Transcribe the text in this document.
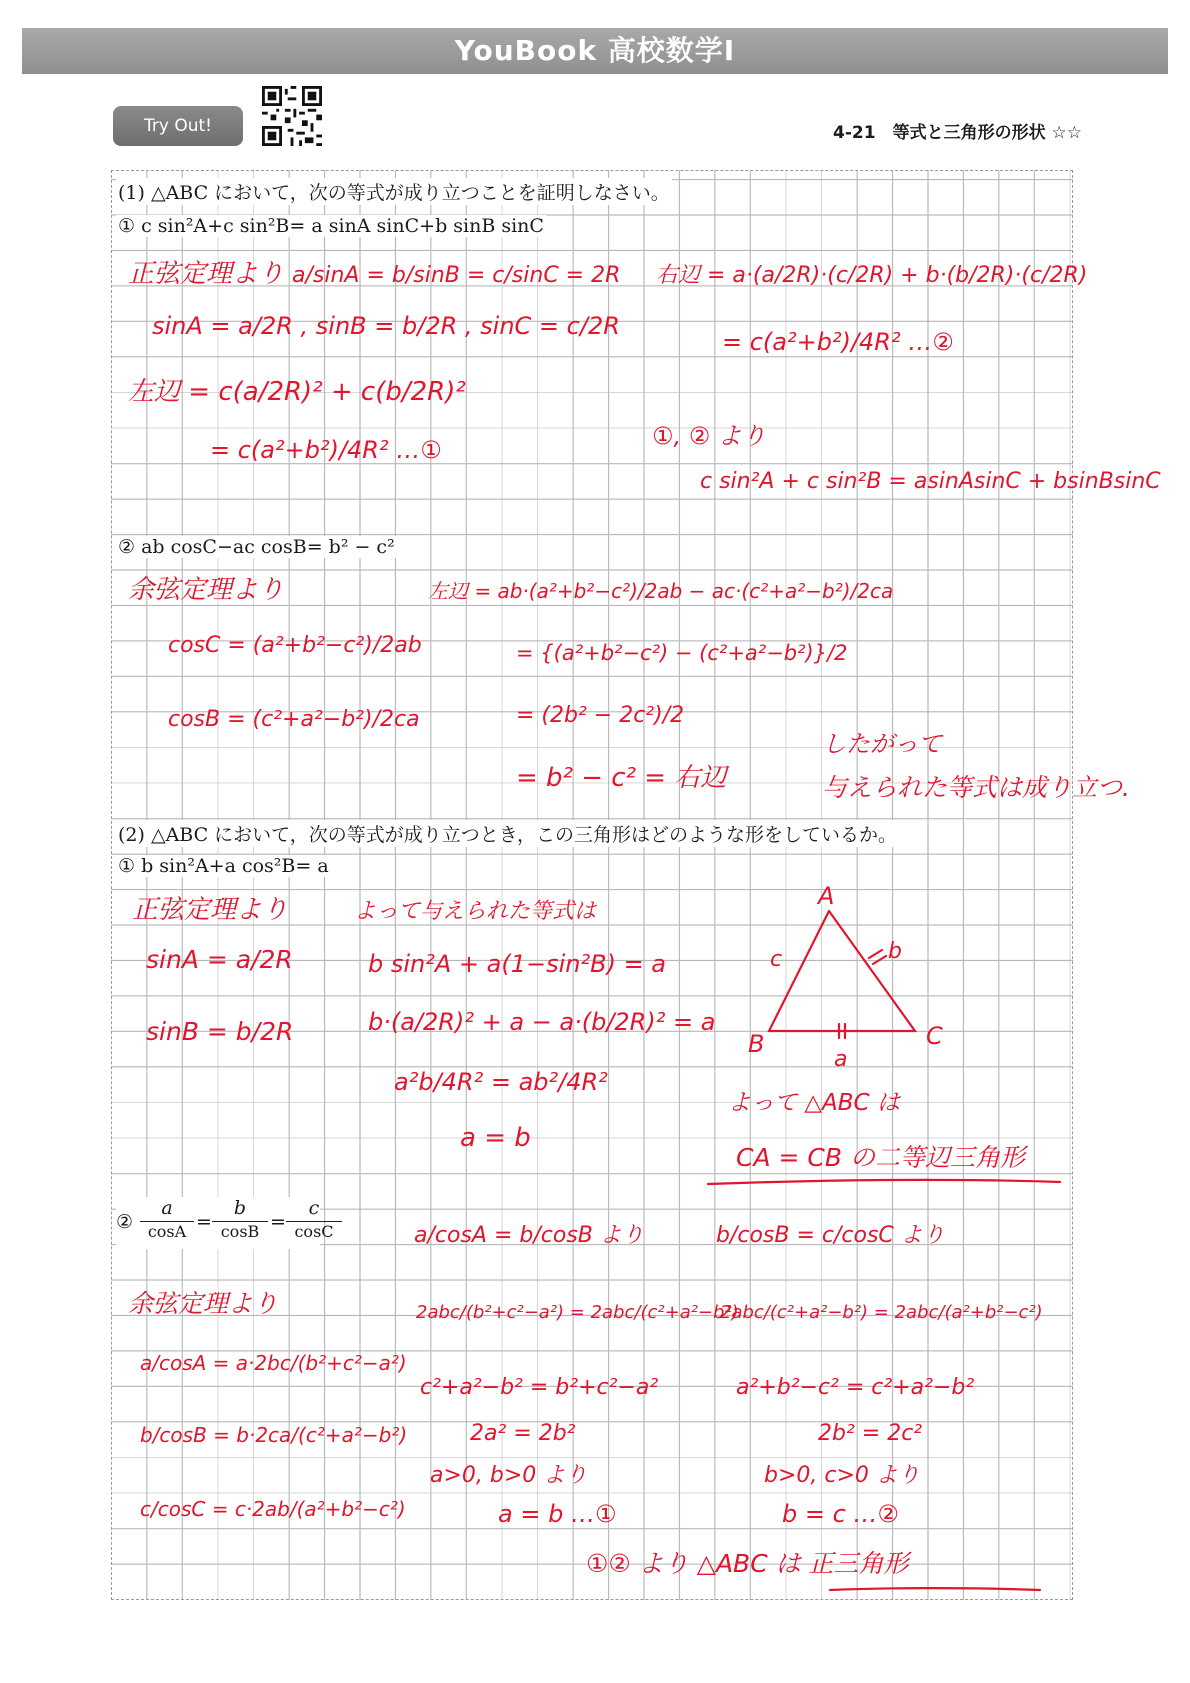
YouBook 高校数学Ⅰ
Try Out!	4-21　等式と三角形の形状 ☆☆
(1) △ABC において，次の等式が成り立つことを証明しなさい。
① c sin²A+c sin²B= a sinA sinC+b sinB sinC
② ab cosC−ac cosB= b² − c²
(2) △ABC において，次の等式が成り立つとき，この三角形はどのような形をしているか。
① b sin²A+a cos²B= a
②
a
cosA =
b
cosB =
c
cosC
正弦定理より a/sinA = b/sinB = c/sinC = 2R
sinA = a/2R , sinB = b/2R , sinC = c/2R
左辺 = c(a/2R)² + c(b/2R)²
= c(a²+b²)/4R² …①
右辺 = a·(a/2R)·(c/2R) + b·(b/2R)·(c/2R)
= c(a²+b²)/4R² …②
①, ② より
c sin²A + c sin²B = asinAsinC + bsinBsinC
余弦定理より
cosC = (a²+b²−c²)/2ab
cosB = (c²+a²−b²)/2ca
左辺 = ab·(a²+b²−c²)/2ab − ac·(c²+a²−b²)/2ca
= {(a²+b²−c²) − (c²+a²−b²)}/2
= (2b² − 2c²)/2
= b² − c² = 右辺
したがって
与えられた等式は成り立つ.
正弦定理より
sinA = a/2R
sinB = b/2R
よって与えられた等式は
b sin²A + a(1−sin²B) = a
b·(a/2R)² + a − a·(b/2R)² = a
a²b/4R² = ab²/4R²
a = b
A
B	C
a
b
c
よって △ABC は
CA = CB の二等辺三角形
a/cosA = b/cosB より	b/cosB = c/cosC より
余弦定理より
a/cosA = a·2bc/(b²+c²−a²)
b/cosB = b·2ca/(c²+a²−b²)
c/cosC = c·2ab/(a²+b²−c²)
2abc/(b²+c²−a²) = 2abc/(c²+a²−b²)
c²+a²−b² = b²+c²−a²
2a² = 2b²
a>0, b>0 より
a = b …①
2abc/(c²+a²−b²) = 2abc/(a²+b²−c²)
a²+b²−c² = c²+a²−b²
2b² = 2c²
b>0, c>0 より
b = c …②
①② より △ABC は 正三角形
